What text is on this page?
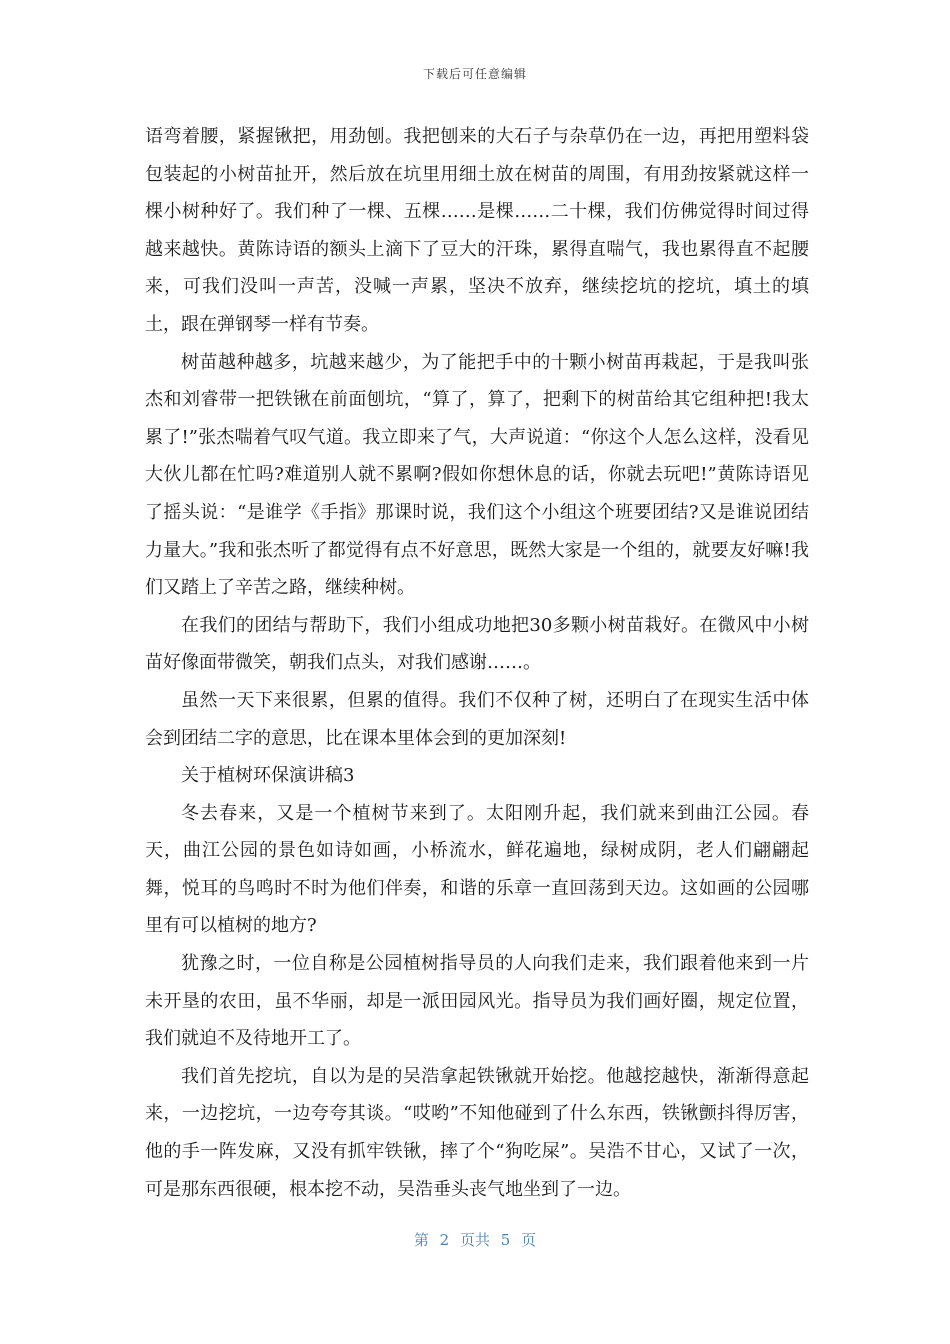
下载后可任意编辑

语弯着腰，紧握锹把，用劲刨。我把刨来的大石子与杂草仍在一边，再把用塑料袋包装起的小树苗扯开，然后放在坑里用细土放在树苗的周围，有用劲按紧就这样一棵小树种好了。我们种了一棵、五棵……是棵……二十棵，我们仿佛觉得时间过得越来越快。黄陈诗语的额头上滴下了豆大的汗珠，累得直喘气，我也累得直不起腰来，可我们没叫一声苦，没喊一声累，坚决不放弃，继续挖坑的挖坑，填土的填土，跟在弹钢琴一样有节奏。

树苗越种越多，坑越来越少，为了能把手中的十颗小树苗再栽起，于是我叫张杰和刘睿带一把铁锹在前面刨坑，“算了，算了，把剩下的树苗给其它组种把!我太累了!”张杰喘着气叹气道。我立即来了气，大声说道：“你这个人怎么这样，没看见大伙儿都在忙吗?难道别人就不累啊?假如你想休息的话，你就去玩吧!”黄陈诗语见了摇头说：“是谁学《手指》那课时说，我们这个小组这个班要团结?又是谁说团结力量大。”我和张杰听了都觉得有点不好意思，既然大家是一个组的，就要友好嘛!我们又踏上了辛苦之路，继续种树。

在我们的团结与帮助下，我们小组成功地把30多颗小树苗栽好。在微风中小树苗好像面带微笑，朝我们点头，对我们感谢……。

虽然一天下来很累，但累的值得。我们不仅种了树，还明白了在现实生活中体会到团结二字的意思，比在课本里体会到的更加深刻!

关于植树环保演讲稿3

冬去春来，又是一个植树节来到了。太阳刚升起，我们就来到曲江公园。春天，曲江公园的景色如诗如画，小桥流水，鲜花遍地，绿树成阴，老人们翩翩起舞，悦耳的鸟鸣时不时为他们伴奏，和谐的乐章一直回荡到天边。这如画的公园哪里有可以植树的地方?

犹豫之时，一位自称是公园植树指导员的人向我们走来，我们跟着他来到一片未开垦的农田，虽不华丽，却是一派田园风光。指导员为我们画好圈，规定位置，我们就迫不及待地开工了。

我们首先挖坑，自以为是的吴浩拿起铁锹就开始挖。他越挖越快，渐渐得意起来，一边挖坑，一边夸夸其谈。“哎哟”不知他碰到了什么东西，铁锹颤抖得厉害，他的手一阵发麻，又没有抓牢铁锹，摔了个“狗吃屎”。吴浩不甘心，又试了一次，可是那东西很硬，根本挖不动，吴浩垂头丧气地坐到了一边。

第 2 页共 5 页
